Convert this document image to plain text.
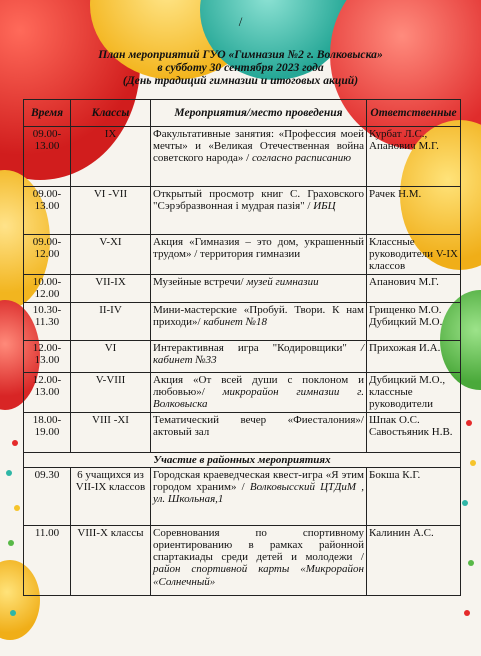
/
План мероприятий ГУО «Гимназия №2 г. Волковыска»
в субботу 30 сентября 2023 года
(День традиций гимназии и итоговых акций)
Время	Классы	Мероприятия/место проведения	Ответственные
09.00-13.00	IX	Факультативные занятия: «Профессия моей мечты» и «Великая Отечественная война советского народа» / согласно расписанию	Курбат Л.С., Апанович М.Г.
09.00-13.00	VI -VII	Открытый просмотр книг С. Граховского "Сэрэбразвонная і мудрая пазія" / ИБЦ	Рачек Н.М.
09.00-12.00	V-XI	Акция «Гимназия – это дом, украшенный трудом» / территория гимназии	Классные руководители V-IX классов
10.00-12.00	VII-IX	Музейные встречи/ музей гимназии	Апанович М.Г.
10.30-11.30	II-IV	Мини-мастерские «Пробуй. Твори. К нам приходи»/ кабинет №18	Грищенко М.О. Дубицкий М.О.
12.00-13.00	VI	Интерактивная игра "Кодировщики" / кабинет №33	Прихожая И.А.
12.00-13.00	V-VIII	Акция «От всей души с поклоном и любовью»/ микрорайон гимназии г. Волковыска	Дубицкий М.О., классные руководители
18.00-19.00	VIII -XI	Тематический вечер «Фиесталония»/ актовый зал	Шпак О.С. Савостьяник Н.В.
Участие в районных мероприятиях			
09.30	6 учащихся из VII-IX классов	Городская краеведческая квест-игра «Я этим городом храним» / Волковысский ЦТДиМ , ул. Школьная,1	Бокша К.Г.
11.00	VIII-X классы	Соревнования по спортивному ориентированию в рамках районной спартакиады среди детей и молодежи / район спортивной карты «Микрорайон «Солнечный»	Калинин А.С.
